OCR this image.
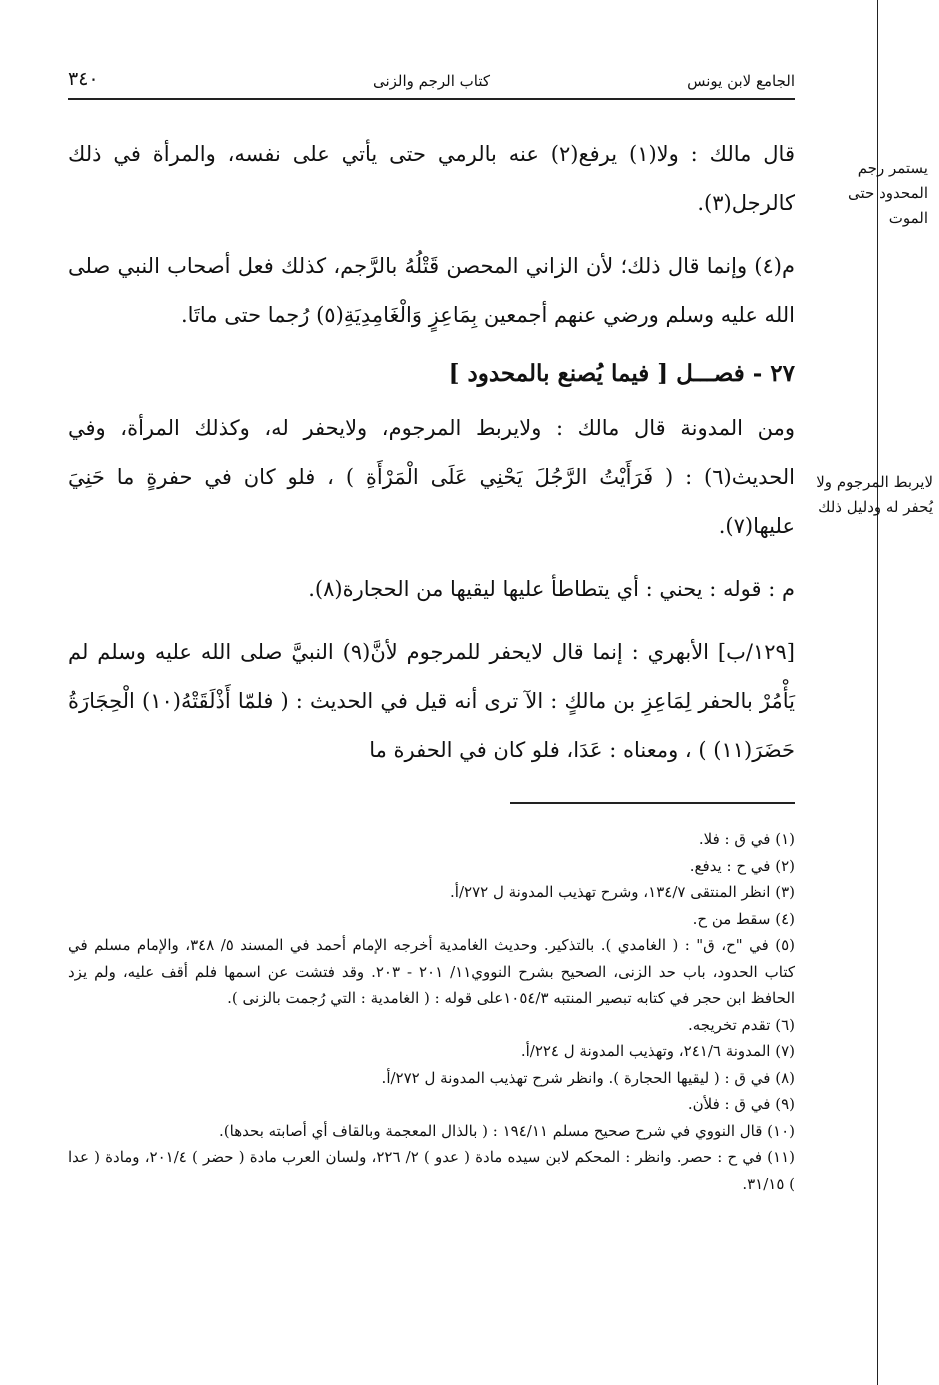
يستمر رجم المحدود حتى الموت
لايربط المرجوم ولا يُحفر له ودليل ذلك
الجامع لابن يونس
كتاب الرجم والزنى
٣٤٠

قال مالك : ولا(١) يرفع(٢) عنه بالرمي حتى يأتي على نفسه، والمرأة في ذلك كالرجل(٣).

م(٤) وإنما قال ذلك؛ لأن الزاني المحصن قَتْلُهُ بالرَّجم، كذلك فعل أصحاب النبي صلى الله عليه وسلم ورضي عنهم أجمعين بِمَاعِزٍ وَالْغَامِدِيَةِ(٥) رُجما حتى ماتَا.

٢٧ - فصـــل [ فيما يُصنع بالمحدود ]

ومن المدونة قال مالك : ولايربط المرجوم، ولايحفر له، وكذلك المرأة، وفي الحديث(٦) : ( فَرَأَيْتُ الرَّجُلَ يَحْنِي عَلَى الْمَرْأَةِ ) ، فلو كان في حفرةٍ ما حَنِيَ عليها(٧).

م : قوله : يحني : أي يتطاطأ عليها ليقيها من الحجارة(٨).

[١٢٩/ب] الأبهري : إنما قال لايحفر للمرجوم لأنَّ(٩) النبيَّ صلى الله عليه وسلم لم يَأْمُرْ بالحفر لِمَاعِزِ بن مالكٍ : الآ ترى أنه قيل في الحديث : ( فلمّا أَذْلَقَتْهُ(١٠) الْحِجَارَةُ حَضَرَ(١١) ) ، ومعناه : عَدَا، فلو كان في الحفرة ما

(١) في ق : فلا.

(٢) في ح : يدفع.

(٣) انظر المنتقى ١٣٤/٧، وشرح تهذيب المدونة ل ٢٧٢/أ.

(٤) سقط من ح.

(٥) في "ح، ق" : ( الغامدي ). بالتذكير. وحديث الغامدية أخرجه الإمام أحمد في المسند ٥/ ٣٤٨، والإمام مسلم في كتاب الحدود، باب حد الزنى، الصحيح بشرح النووي١١/ ٢٠١ - ٢٠٣. وقد فتشت عن اسمها فلم أقف عليه، ولم يزد الحافظ ابن حجر في كتابه تبصير المنتبه ١٠٥٤/٣على قوله : ( الغامدية : التي رُجمت بالزنى ).

(٦) تقدم تخريجه.

(٧) المدونة ٢٤١/٦، وتهذيب المدونة ل ٢٢٤/أ.

(٨) في ق : ( ليقيها الحجارة ). وانظر شرح تهذيب المدونة ل ٢٧٢/أ.

(٩) في ق : فلأن.

(١٠) قال النووي في شرح صحيح مسلم ١٩٤/١١ : ( بالذال المعجمة وبالقاف أي أصابته بحدها).

(١١) في ح : حصر. وانظر : المحكم لابن سيده مادة ( عدو ) ٢/ ٢٢٦، ولسان العرب مادة ( حضر ) ٢٠١/٤، ومادة ( عدا ) ٣١/١٥.
